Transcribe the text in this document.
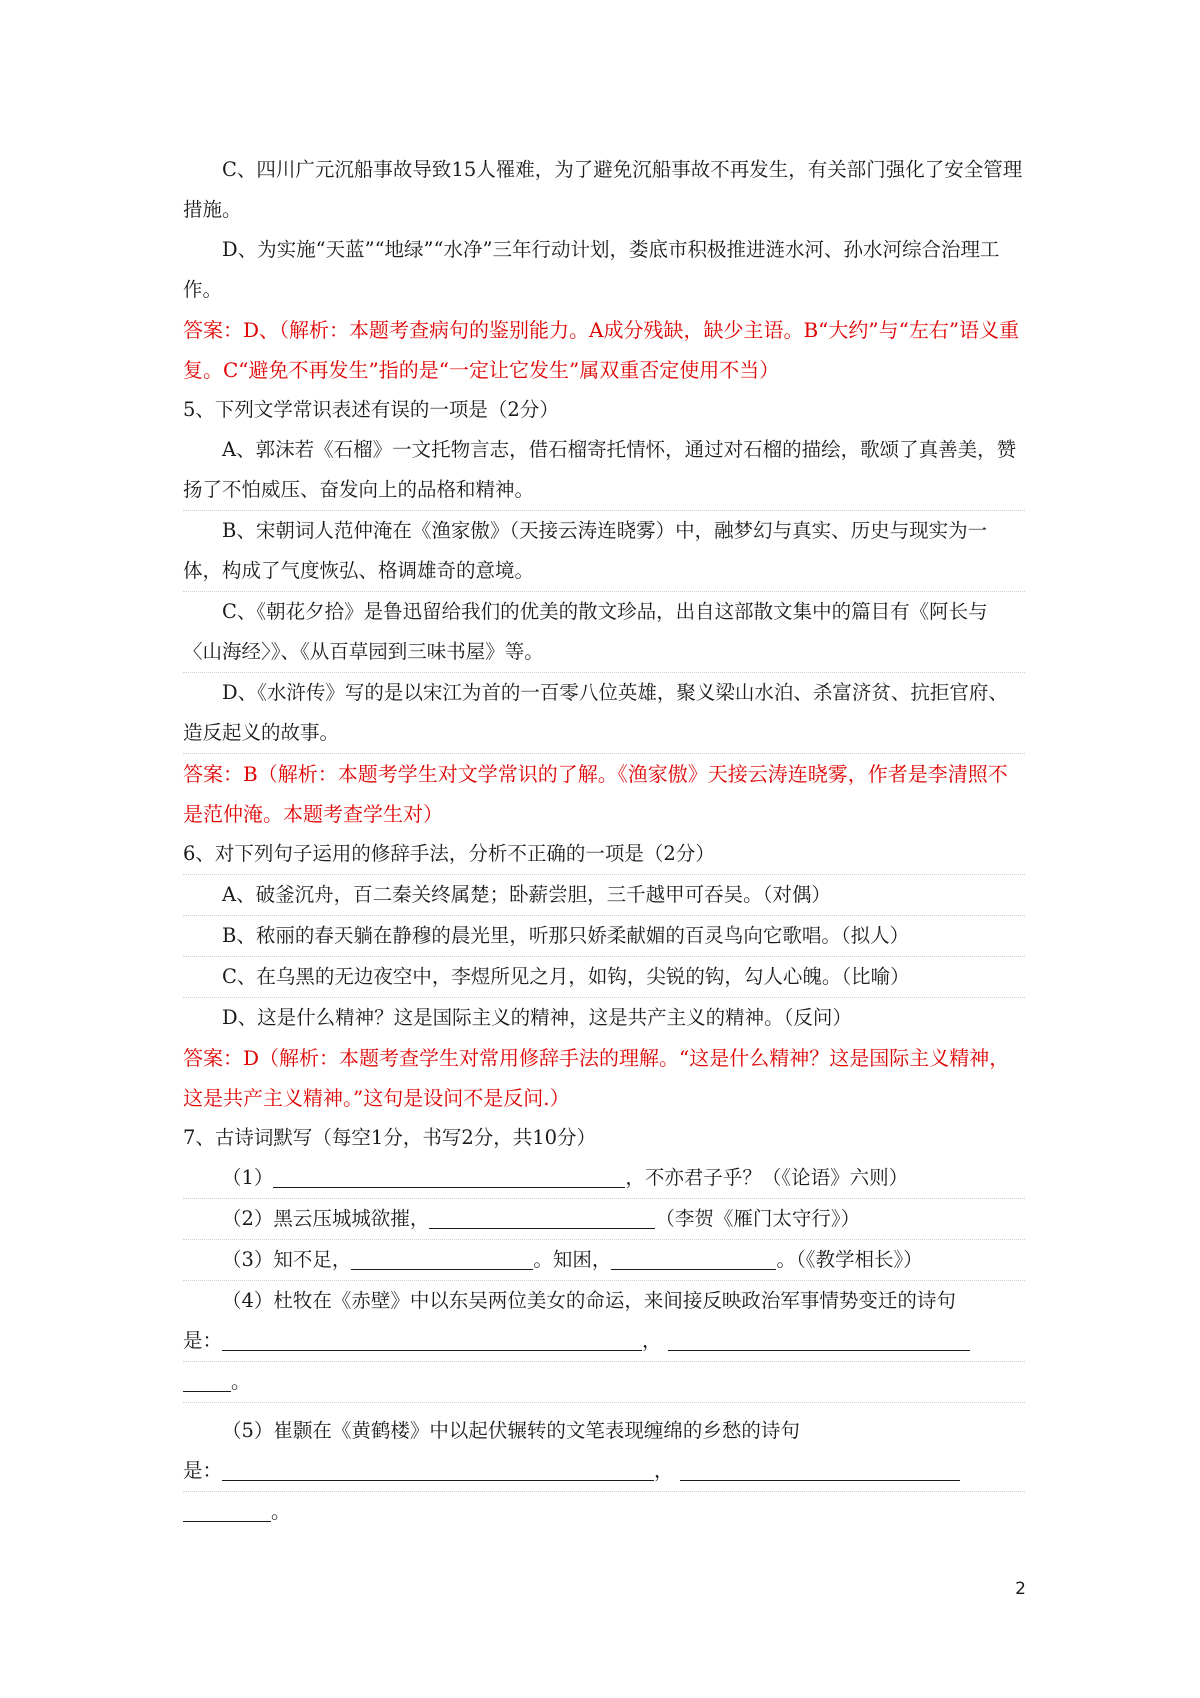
C、四川广元沉船事故导致15人罹难，为了避免沉船事故不再发生，有关部门强化了安全管理措施。

D、为实施“天蓝”“地绿”“水净”三年行动计划，娄底市积极推进涟水河、孙水河综合治理工作。

答案：D、（解析：本题考查病句的鉴别能力。A成分残缺，缺少主语。B“大约”与“左右”语义重复。C“避免不再发生”指的是“一定让它发生”属双重否定使用不当）

5、下列文学常识表述有误的一项是（2分）

A、郭沫若《石榴》一文托物言志，借石榴寄托情怀，通过对石榴的描绘，歌颂了真善美，赞扬了不怕威压、奋发向上的品格和精神。

B、宋朝词人范仲淹在《渔家傲》（天接云涛连晓雾）中，融梦幻与真实、历史与现实为一体，构成了气度恢弘、格调雄奇的意境。

C、《朝花夕拾》是鲁迅留给我们的优美的散文珍品，出自这部散文集中的篇目有《阿长与〈山海经〉》、《从百草园到三味书屋》等。

D、《水浒传》写的是以宋江为首的一百零八位英雄，聚义梁山水泊、杀富济贫、抗拒官府、造反起义的故事。

答案：B（解析：本题考学生对文学常识的了解。《渔家傲》天接云涛连晓雾，作者是李清照不是范仲淹。本题考查学生对）

6、对下列句子运用的修辞手法，分析不正确的一项是（2分）

A、破釜沉舟，百二秦关终属楚；卧薪尝胆，三千越甲可吞吴。（对偶）

B、秾丽的春天躺在静穆的晨光里，听那只娇柔献媚的百灵鸟向它歌唱。（拟人）

C、在乌黑的无边夜空中，李煜所见之月，如钩，尖锐的钩，勾人心魄。（比喻）

D、这是什么精神？这是国际主义的精神，这是共产主义的精神。（反问）

答案：D（解析：本题考查学生对常用修辞手法的理解。“这是什么精神？这是国际主义精神，这是共产主义精神。”这句是设问不是反问.）

7、古诗词默写（每空1分，书写2分，共10分）

（1）	，不亦君子乎？（《论语》六则）
（2）黑云压城城欲摧，	（李贺《雁门太守行》）
（3）知不足，	。知困，	。（《教学相长》）
（4）杜牧在《赤壁》中以东吴两位美女的命运，来间接反映政治军事情势变迁的诗句
是：	，
。
（5）崔颢在《黄鹤楼》中以起伏辗转的文笔表现缠绵的乡愁的诗句
是：	，
。
2
